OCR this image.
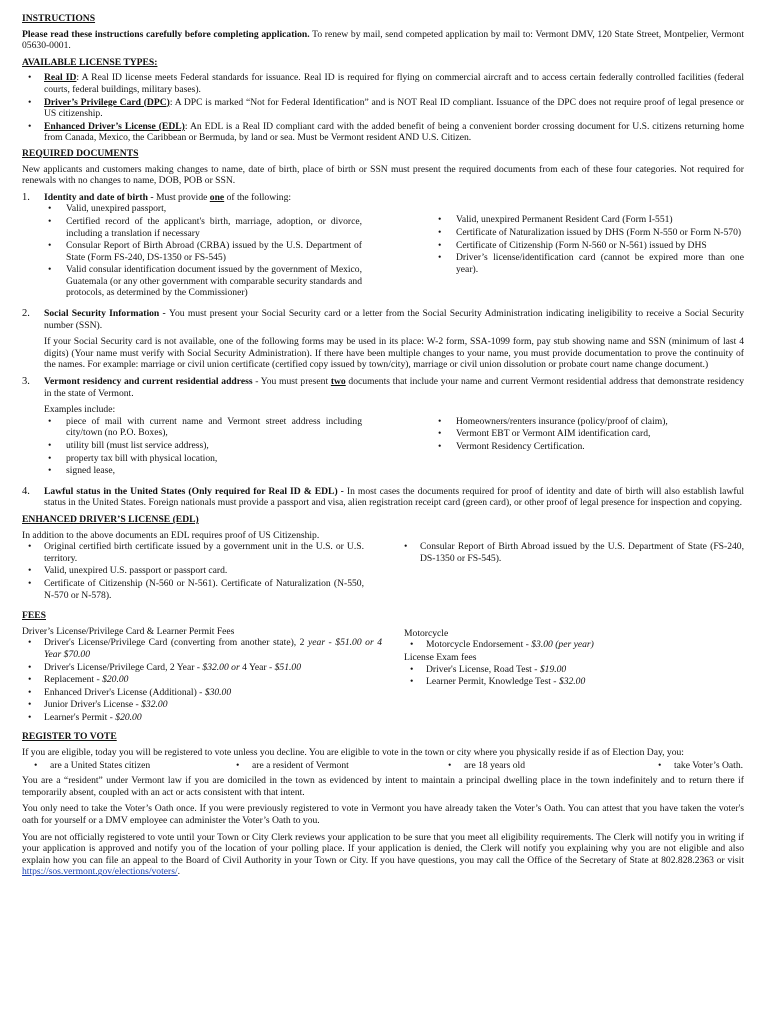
INSTRUCTIONS

Please read these instructions carefully before completing application. To renew by mail, send competed application by mail to: Vermont DMV, 120 State Street, Montpelier, Vermont 05630-0001.

AVAILABLE LICENSE TYPES:
• Real ID: A Real ID license meets Federal standards for issuance. Real ID is required for flying on commercial aircraft and to access certain federally controlled facilities (federal courts, federal buildings, military bases).
• Driver’s Privilege Card (DPC): A DPC is marked “Not for Federal Identification” and is NOT Real ID compliant. Issuance of the DPC does not require proof of legal presence or US citizenship.
• Enhanced Driver’s License (EDL): An EDL is a Real ID compliant card with the added benefit of being a convenient border crossing document for U.S. citizens returning home from Canada, Mexico, the Caribbean or Bermuda, by land or sea. Must be Vermont resident AND U.S. Citizen.
REQUIRED DOCUMENTS

New applicants and customers making changes to name, date of birth, place of birth or SSN must present the required documents from each of these four categories. Not required for renewals with no changes to name, DOB, POB or SSN.

1. Identity and date of birth - Must provide one of the following:
• Valid, unexpired passport,
• Certified record of the applicant's birth, marriage, adoption, or divorce, including a translation if necessary
• Consular Report of Birth Abroad (CRBA) issued by the U.S. Department of State (Form FS-240, DS-1350 or FS-545)
• Valid consular identification document issued by the government of Mexico, Guatemala (or any other government with comparable security standards and protocols, as determined by the Commissioner)
• Valid, unexpired Permanent Resident Card (Form I-551)
• Certificate of Naturalization issued by DHS (Form N-550 or Form N-570)
• Certificate of Citizenship (Form N-560 or N-561) issued by DHS
• Driver’s license/identification card (cannot be expired more than one year).
2. Social Security Information - You must present your Social Security card or a letter from the Social Security Administration indicating ineligibility to receive a Social Security number (SSN).

If your Social Security card is not available, one of the following forms may be used in its place: W-2 form, SSA-1099 form, pay stub showing name and SSN (minimum of last 4 digits) (Your name must verify with Social Security Administration). If there have been multiple changes to your name, you must provide documentation to prove the continuity of the names. For example: marriage or civil union certificate (certified copy issued by town/city), marriage or civil union dissolution or probate court name change document.)

3. Vermont residency and current residential address - You must present two documents that include your name and current Vermont residential address that demonstrate residency in the state of Vermont.

Examples include:
• piece of mail with current name and Vermont street address including city/town (no P.O. Boxes),
• utility bill (must list service address),
• property tax bill with physical location,
• signed lease,
• Homeowners/renters insurance (policy/proof of claim),
• Vermont EBT or Vermont AIM identification card,
• Vermont Residency Certification.
4. Lawful status in the United States (Only required for Real ID & EDL) - In most cases the documents required for proof of identity and date of birth will also establish lawful status in the United States. Foreign nationals must provide a passport and visa, alien registration receipt card (green card), or other proof of legal presence for inspection and copying.

ENHANCED DRIVER’S LICENSE (EDL)
In addition to the above documents an EDL requires proof of US Citizenship.
• Original certified birth certificate issued by a government unit in the U.S. or U.S. territory.
• Valid, unexpired U.S. passport or passport card.
• Certificate of Citizenship (N-560 or N-561). Certificate of Naturalization (N-550, N-570 or N-578).
• Consular Report of Birth Abroad issued by the U.S. Department of State (FS-240, DS-1350 or FS-545).
FEES
Driver’s License/Privilege Card & Learner Permit Fees
• Driver's License/Privilege Card (converting from another state), 2 year - $51.00 or 4 Year $70.00
• Driver's License/Privilege Card, 2 Year - $32.00 or 4 Year - $51.00
• Replacement - $20.00
• Enhanced Driver's License (Additional) - $30.00
• Junior Driver's License - $32.00
• Learner's Permit - $20.00
Motorcycle
• Motorcycle Endorsement - $3.00 (per year)
License Exam fees
• Driver's License, Road Test - $19.00
• Learner Permit, Knowledge Test - $32.00
REGISTER TO VOTE

If you are eligible, today you will be registered to vote unless you decline. You are eligible to vote in the town or city where you physically reside if as of Election Day, you:

• are a United States citizen	• are a resident of Vermont	• are 18 years old	• take Voter’s Oath.

You are a “resident” under Vermont law if you are domiciled in the town as evidenced by intent to maintain a principal dwelling place in the town indefinitely and to return there if temporarily absent, coupled with an act or acts consistent with that intent.

You only need to take the Voter’s Oath once. If you were previously registered to vote in Vermont you have already taken the Voter’s Oath. You can attest that you have taken the voter's oath for yourself or a DMV employee can administer the Voter’s Oath to you.

You are not officially registered to vote until your Town or City Clerk reviews your application to be sure that you meet all eligibility requirements. The Clerk will notify you in writing if your application is approved and notify you of the location of your polling place. If your application is denied, the Clerk will notify you explaining why you are not eligible and also explain how you can file an appeal to the Board of Civil Authority in your Town or City. If you have questions, you may call the Office of the Secretary of State at 802.828.2363 or visit https://sos.vermont.gov/elections/voters/.
